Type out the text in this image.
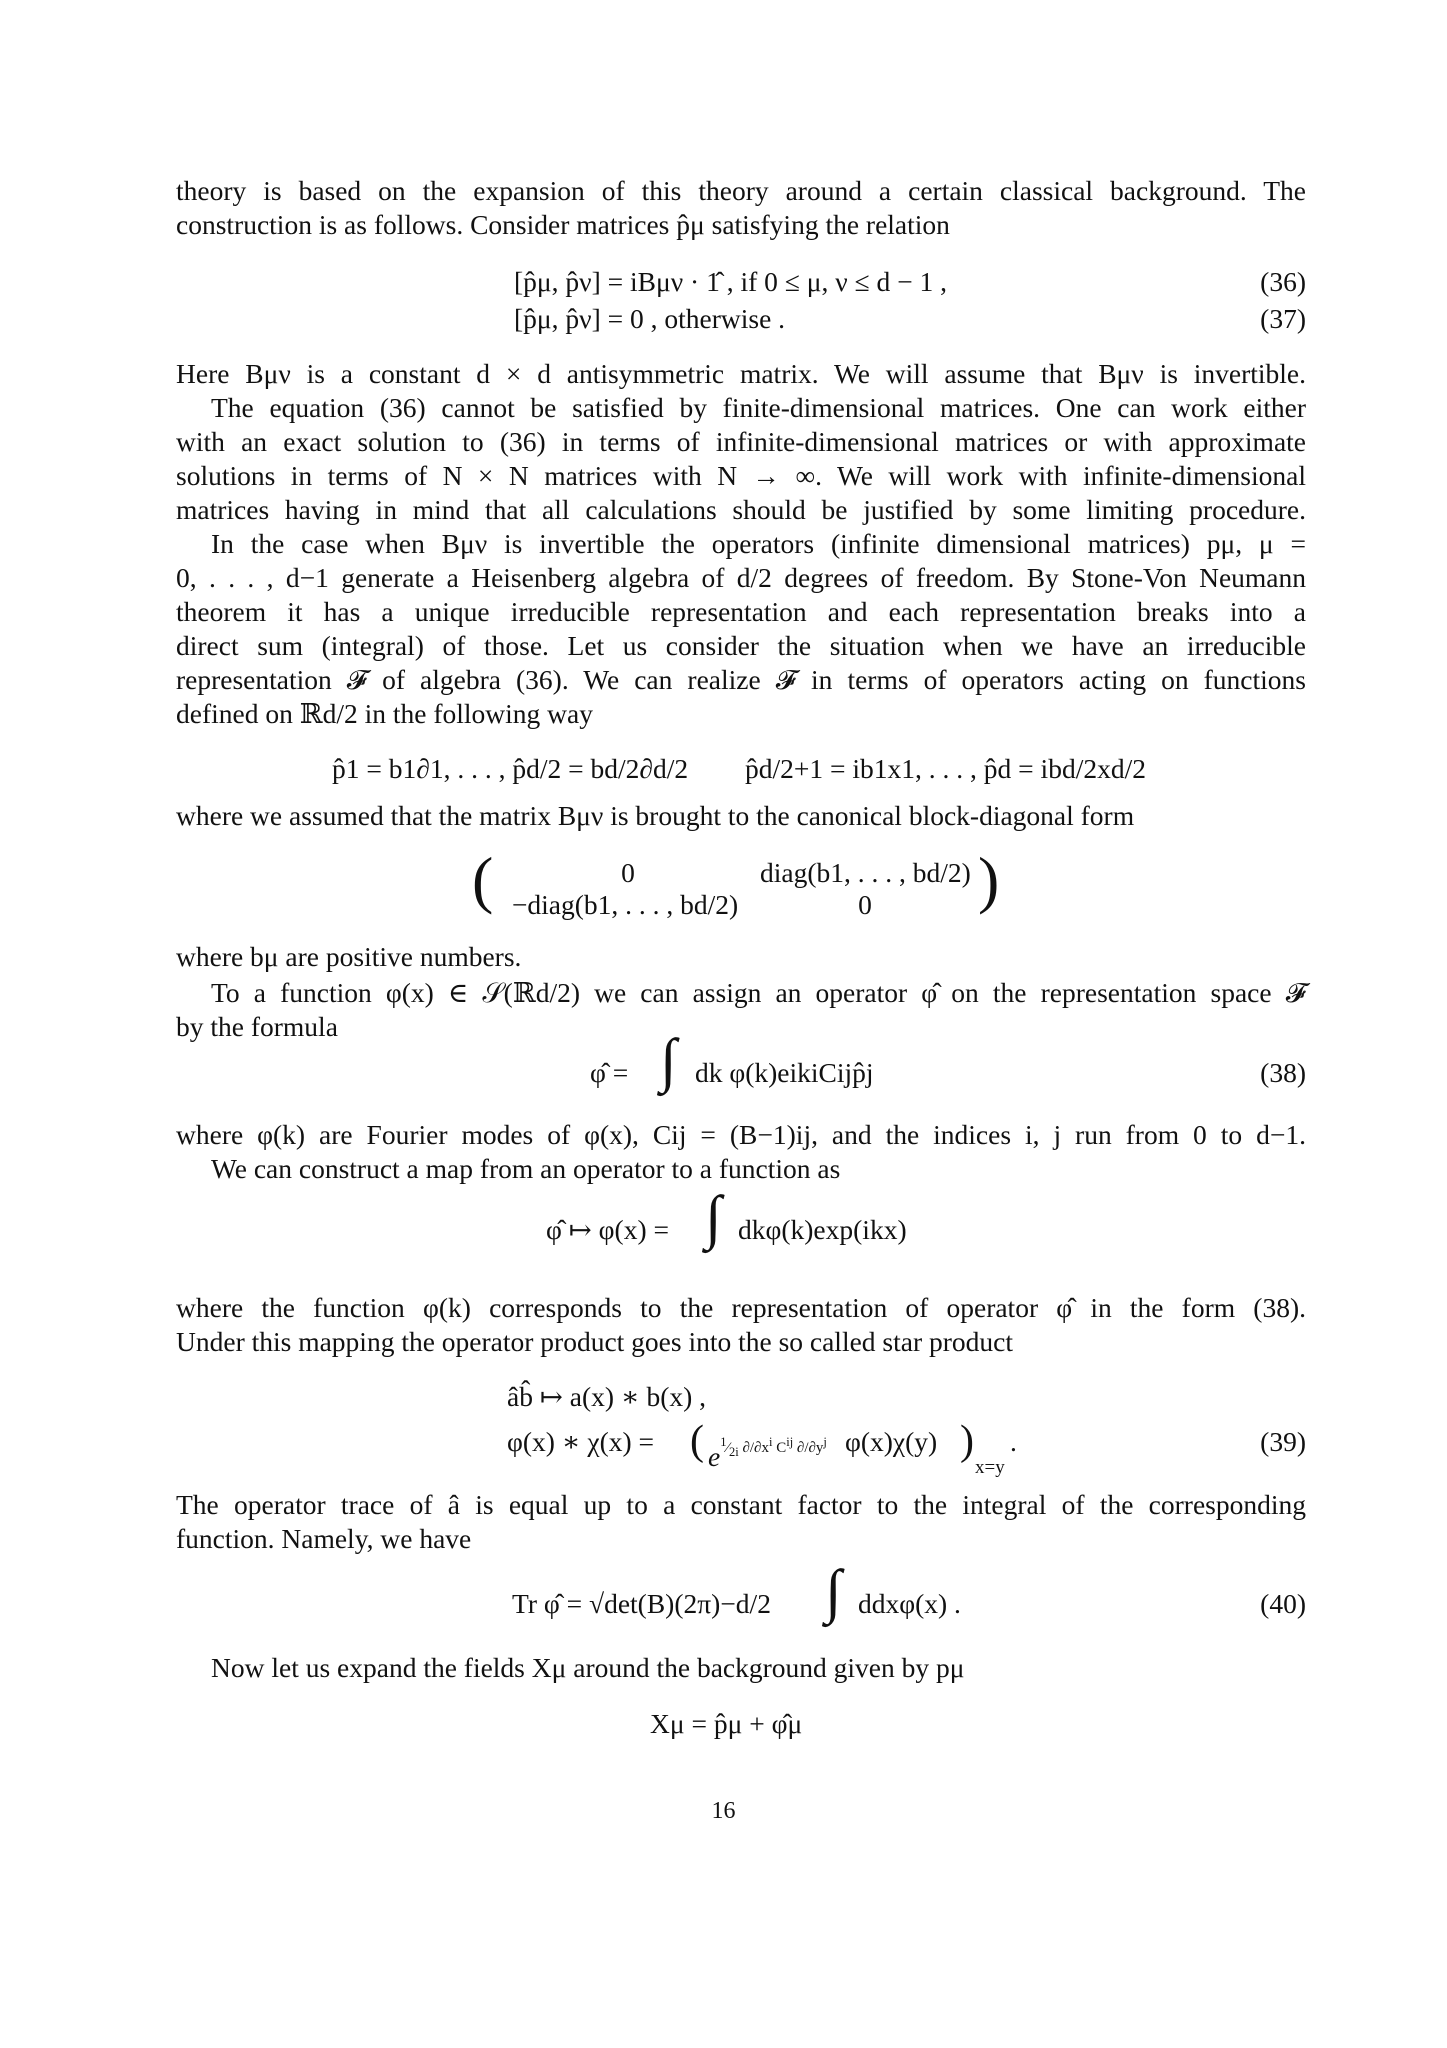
theory is based on the expansion of this theory around a certain classical background. The
construction is as follows. Consider matrices p̂μ satisfying the relation
[p̂μ, p̂ν] = iBμν · 1̂ , if 0 ≤ μ, ν ≤ d − 1 ,	(36)
[p̂μ, p̂ν] = 0 , otherwise .	(37)
Here Bμν is a constant d × d antisymmetric matrix. We will assume that Bμν is invertible.
The equation (36) cannot be satisfied by finite-dimensional matrices. One can work either
with an exact solution to (36) in terms of infinite-dimensional matrices or with approximate
solutions in terms of N × N matrices with N → ∞. We will work with infinite-dimensional
matrices having in mind that all calculations should be justified by some limiting procedure.
In the case when Bμν is invertible the operators (infinite dimensional matrices) pμ, μ =
0, . . . , d−1 generate a Heisenberg algebra of d/2 degrees of freedom. By Stone-Von Neumann
theorem it has a unique irreducible representation and each representation breaks into a
direct sum (integral) of those. Let us consider the situation when we have an irreducible
representation 𝓕 of algebra (36). We can realize 𝓕 in terms of operators acting on functions
defined on ℝd/2 in the following way
p̂1 = b1∂1, . . . , p̂d/2 = bd/2∂d/2 p̂d/2+1 = ib1x1, . . . , p̂d = ibd/2xd/2
where we assumed that the matrix Bμν is brought to the canonical block-diagonal form
(	0	diag(b1, . . . , bd/2)
−diag(b1, . . . , bd/2)	0	)
where bμ are positive numbers.
To a function φ(x) ∈ 𝒮(ℝd/2) we can assign an operator φ̂ on the representation space 𝓕
by the formula
φ̂ = ∫ dk φ(k)eikiCijp̂j	(38)
where φ(k) are Fourier modes of φ(x), Cij = (B−1)ij, and the indices i, j run from 0 to d−1.
We can construct a map from an operator to a function as
φ̂ ↦ φ(x) = ∫ dkφ(k)exp(ikx)
where the function φ(k) corresponds to the representation of operator φ̂ in the form (38).
Under this mapping the operator product goes into the so called star product
âb̂ ↦ a(x) ∗ b(x) ,
φ(x) ∗ χ(x) = ( $e^{^1⁄_{2i} \partial/\partial x^i C^{ij} \partial/\partial y^j}$ φ(x)χ(y) )
x=y
.	(39)
The operator trace of â is equal up to a constant factor to the integral of the corresponding
function. Namely, we have
Tr φ̂ = √det(B)(2π)−d/2 ∫ ddxφ(x) .	(40)
Now let us expand the fields Xμ around the background given by pμ
Xμ = p̂μ + φ̂μ
16
